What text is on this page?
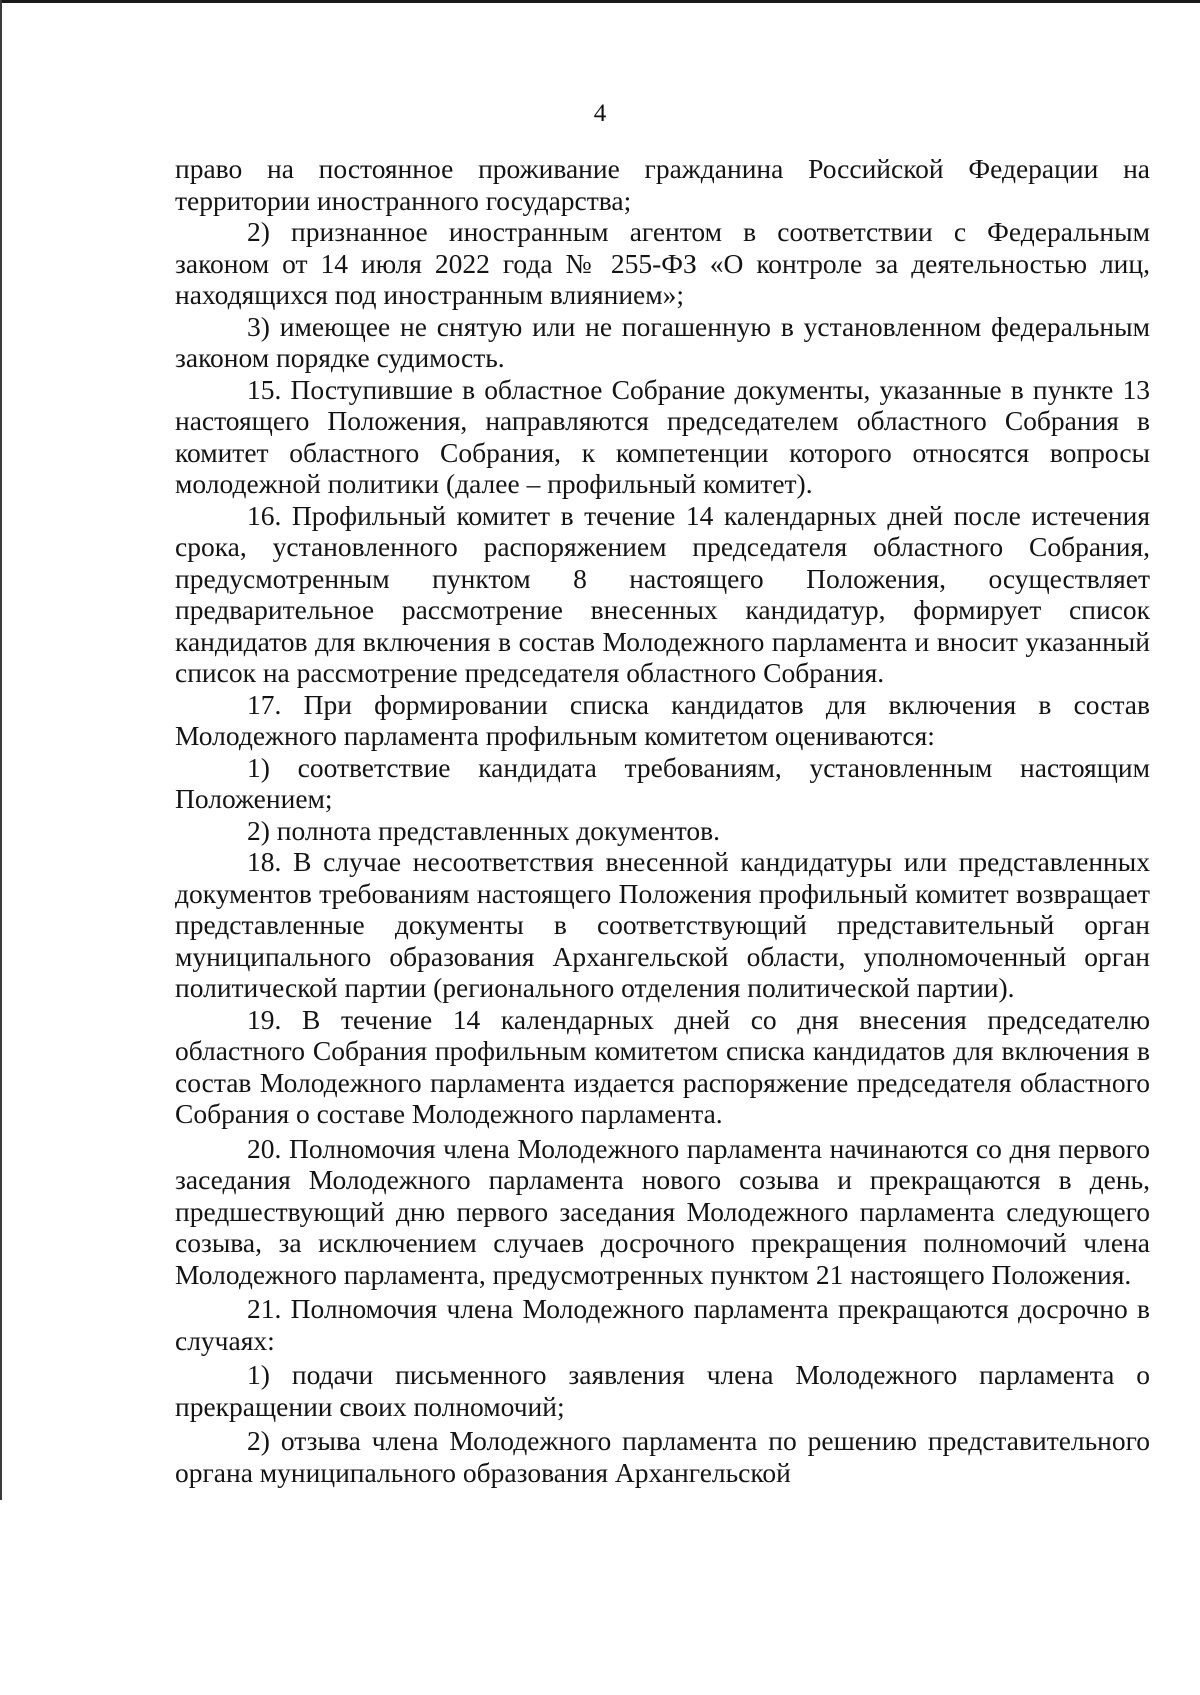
4

право на постоянное проживание гражданина Российской Федерации на территории иностранного государства;

2) признанное иностранным агентом в соответствии с Федеральным законом от 14 июля 2022 года № 255-ФЗ «О контроле за деятельностью лиц, находящихся под иностранным влиянием»;

3) имеющее не снятую или не погашенную в установленном федеральным законом порядке судимость.

15. Поступившие в областное Собрание документы, указанные в пункте 13 настоящего Положения, направляются председателем областного Собрания в комитет областного Собрания, к компетенции которого относятся вопросы молодежной политики (далее – профильный комитет).

16. Профильный комитет в течение 14 календарных дней после истечения срока, установленного распоряжением председателя областного Собрания, предусмотренным пунктом 8 настоящего Положения, осуществляет предварительное рассмотрение внесенных кандидатур, формирует список кандидатов для включения в состав Молодежного парламента и вносит указанный список на рассмотрение председателя областного Собрания.

17. При формировании списка кандидатов для включения в состав Молодежного парламента профильным комитетом оцениваются:

1) соответствие кандидата требованиям, установленным настоящим Положением;

2) полнота представленных документов.

18. В случае несоответствия внесенной кандидатуры или представленных документов требованиям настоящего Положения профильный комитет возвращает представленные документы в соответствующий представительный орган муниципального образования Архангельской области, уполномоченный орган политической партии (регионального отделения политической партии).

19. В течение 14 календарных дней со дня внесения председателю областного Собрания профильным комитетом списка кандидатов для включения в состав Молодежного парламента издается распоряжение председателя областного Собрания о составе Молодежного парламента.

20. Полномочия члена Молодежного парламента начинаются со дня первого заседания Молодежного парламента нового созыва и прекращаются в день, предшествующий дню первого заседания Молодежного парламента следующего созыва, за исключением случаев досрочного прекращения полномочий члена Молодежного парламента, предусмотренных пунктом 21 настоящего Положения.

21. Полномочия члена Молодежного парламента прекращаются досрочно в случаях:

1) подачи письменного заявления члена Молодежного парламента о прекращении своих полномочий;

2) отзыва члена Молодежного парламента по решению представительного органа муниципального образования Архангельской
